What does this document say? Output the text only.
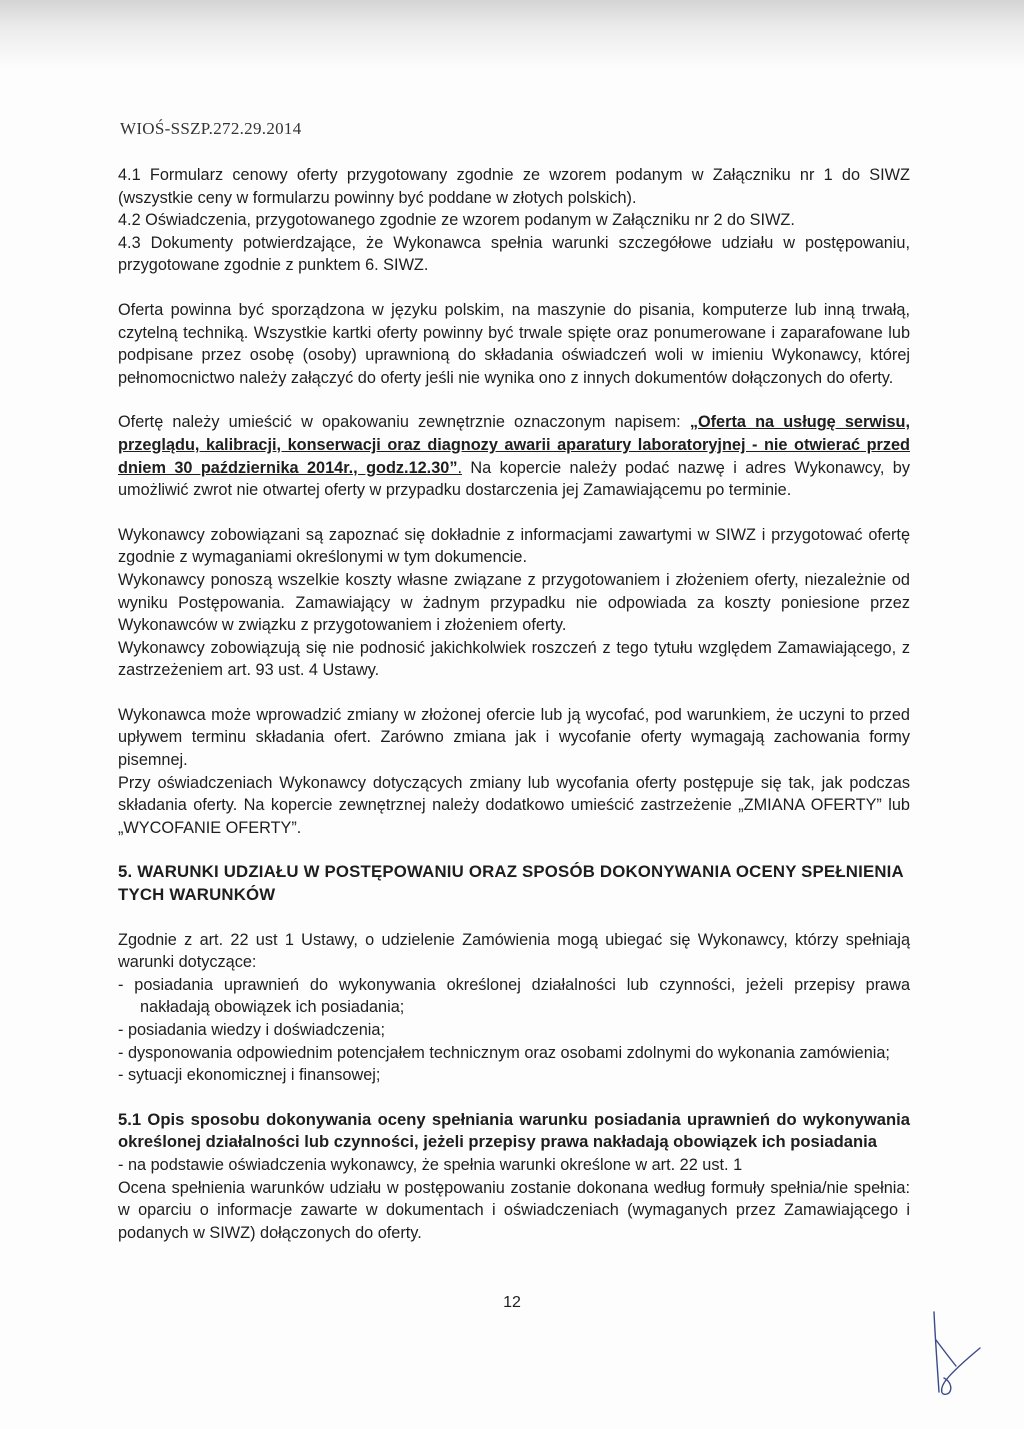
WIOŚ-SSZP.272.29.2014

4.1 Formularz cenowy oferty przygotowany zgodnie ze wzorem podanym w Załączniku nr 1 do SIWZ (wszystkie ceny w formularzu powinny być poddane w złotych polskich).

4.2 Oświadczenia, przygotowanego zgodnie ze wzorem podanym w Załączniku nr 2 do SIWZ.

4.3 Dokumenty potwierdzające, że Wykonawca spełnia warunki szczegółowe udziału w postępowaniu, przygotowane zgodnie z punktem 6. SIWZ.

Oferta powinna być sporządzona w języku polskim, na maszynie do pisania, komputerze lub inną trwałą, czytelną techniką. Wszystkie kartki oferty powinny być trwale spięte oraz ponumerowane i zaparafowane lub podpisane przez osobę (osoby) uprawnioną do składania oświadczeń woli w imieniu Wykonawcy, której pełnomocnictwo należy załączyć do oferty jeśli nie wynika ono z innych dokumentów dołączonych do oferty.

Ofertę należy umieścić w opakowaniu zewnętrznie oznaczonym napisem: „Oferta na usługę serwisu, przeglądu, kalibracji, konserwacji oraz diagnozy awarii aparatury laboratoryjnej - nie otwierać przed dniem 30 października 2014r., godz.12.30”. Na kopercie należy podać nazwę i adres Wykonawcy, by umożliwić zwrot nie otwartej oferty w przypadku dostarczenia jej Zamawiającemu po terminie.

Wykonawcy zobowiązani są zapoznać się dokładnie z informacjami zawartymi w SIWZ i przygotować ofertę zgodnie z wymaganiami określonymi w tym dokumencie.

Wykonawcy ponoszą wszelkie koszty własne związane z przygotowaniem i złożeniem oferty, niezależnie od wyniku Postępowania. Zamawiający w żadnym przypadku nie odpowiada za koszty poniesione przez Wykonawców w związku z przygotowaniem i złożeniem oferty.

Wykonawcy zobowiązują się nie podnosić jakichkolwiek roszczeń z tego tytułu względem Zamawiającego, z zastrzeżeniem art. 93 ust. 4 Ustawy.

Wykonawca może wprowadzić zmiany w złożonej ofercie lub ją wycofać, pod warunkiem, że uczyni to przed upływem terminu składania ofert. Zarówno zmiana jak i wycofanie oferty wymagają zachowania formy pisemnej.

Przy oświadczeniach Wykonawcy dotyczących zmiany lub wycofania oferty postępuje się tak, jak podczas składania oferty. Na kopercie zewnętrznej należy dodatkowo umieścić zastrzeżenie „ZMIANA OFERTY” lub „WYCOFANIE OFERTY”.

5. WARUNKI UDZIAŁU W POSTĘPOWANIU ORAZ SPOSÓB DOKONYWANIA OCENY SPEŁNIENIA TYCH WARUNKÓW

Zgodnie z art. 22 ust 1 Ustawy, o udzielenie Zamówienia mogą ubiegać się Wykonawcy, którzy spełniają warunki dotyczące:

- posiadania uprawnień do wykonywania określonej działalności lub czynności, jeżeli przepisy prawa nakładają obowiązek ich posiadania;

- posiadania wiedzy i doświadczenia;

- dysponowania odpowiednim potencjałem technicznym oraz osobami zdolnymi do wykonania zamówienia;

- sytuacji ekonomicznej i finansowej;

5.1 Opis sposobu dokonywania oceny spełniania warunku posiadania uprawnień do wykonywania określonej działalności lub czynności, jeżeli przepisy prawa nakładają obowiązek ich posiadania

- na podstawie oświadczenia wykonawcy, że spełnia warunki określone w art. 22 ust. 1

Ocena spełnienia warunków udziału w postępowaniu zostanie dokonana według formuły spełnia/nie spełnia: w oparciu o informacje zawarte w dokumentach i oświadczeniach (wymaganych przez Zamawiającego i podanych w SIWZ) dołączonych do oferty.

12
